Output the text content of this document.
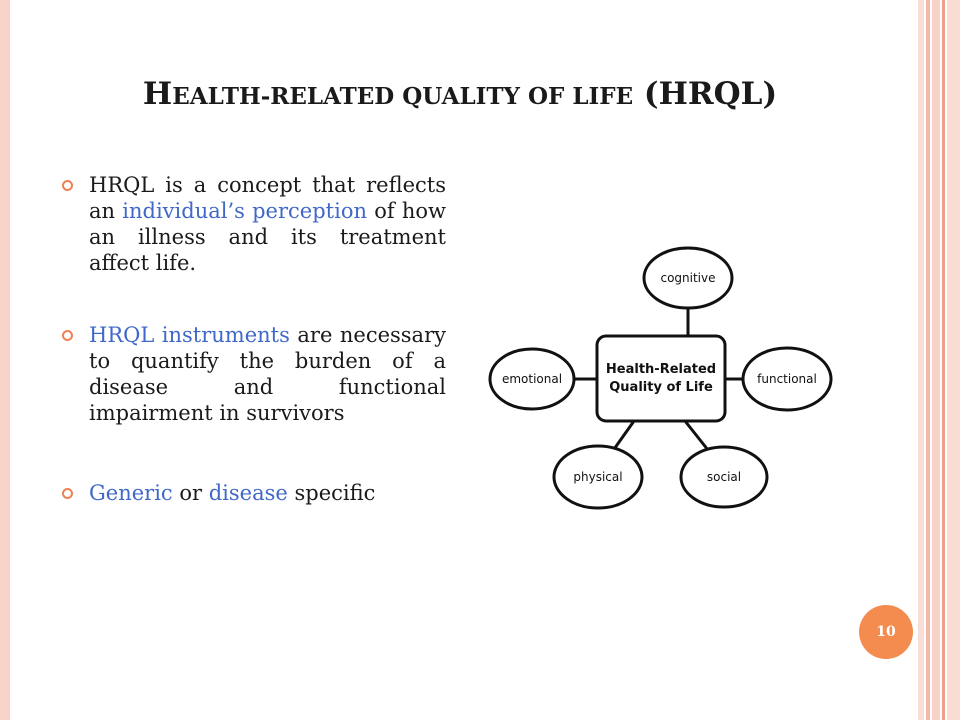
HEALTH-RELATED QUALITY OF LIFE (HRQL)
HRQL is a concept that reflects an individual’s perception of how an illness and its treatment affect life.
HRQL instruments are necessary to quantify the burden of a disease and functional impairment in survivors
Generic or disease specific
Health-Related
Quality of Life
cognitive
emotional	functional
physical	social
10
